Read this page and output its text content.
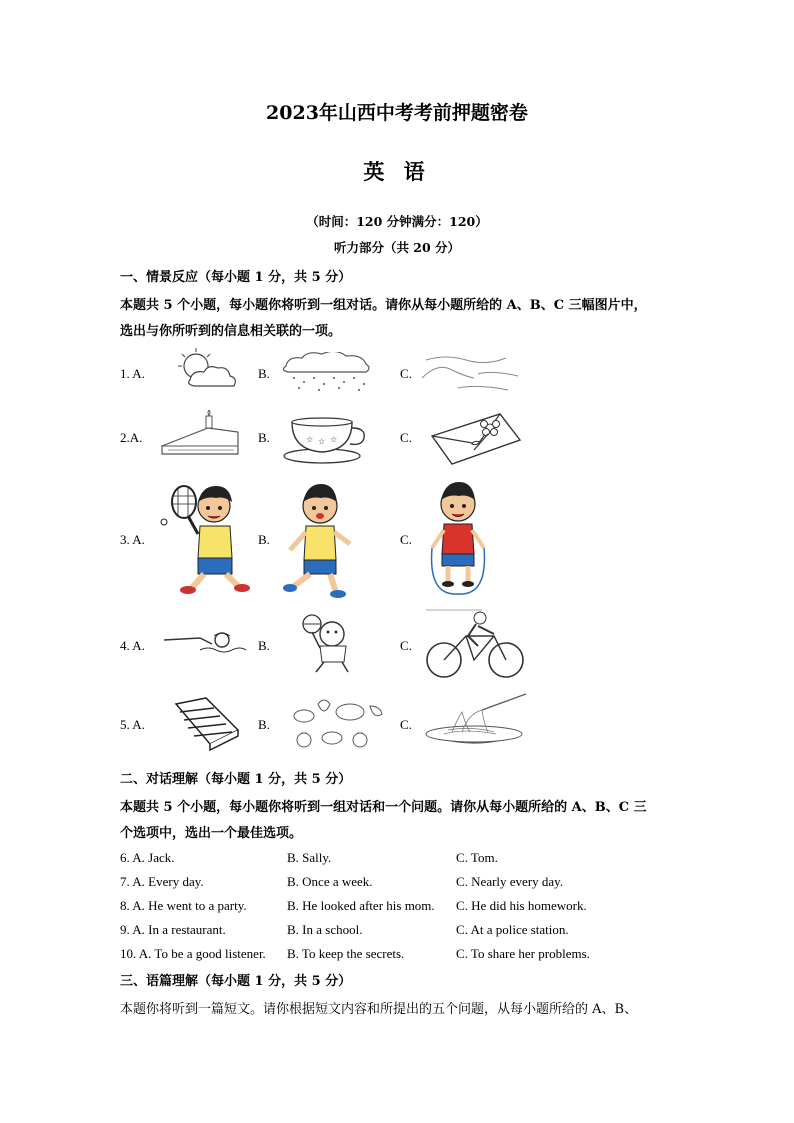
2023年山西中考考前押题密卷
英 语
（时间：120 分钟满分：120）
听力部分（共 20 分）
一、情景反应（每小题 1 分，共 5 分）
本题共 5 个小题，每小题你将听到一组对话。请你从每小题所给的 A、B、C 三幅图片中，
选出与你所听到的信息相关联的一项。
1. A.	B.	C.
2.A.	B.	☆ ☆ ☆	C.
3. A.	B.	C.
4. A.	B.	C.
5. A.	B.	C.
二、对话理解（每小题 1 分，共 5 分）
本题共 5 个小题，每小题你将听到一组对话和一个问题。请你从每小题所给的 A、B、C 三
个选项中，选出一个最佳选项。
6. A. Jack.	B. Sally.	C. Tom.
7. A. Every day.	B. Once a week.	C. Nearly every day.
8. A. He went to a party.	B. He looked after his mom. C. He did his homework.
9. A. In a restaurant.	B. In a school.	C. At a police station.
10. A. To be a good listener. B. To keep the secrets.	C. To share her problems.
三、语篇理解（每小题 1 分，共 5 分）
本题你将听到一篇短文。请你根据短文内容和所提出的五个问题，从每小题所给的 A、B、
